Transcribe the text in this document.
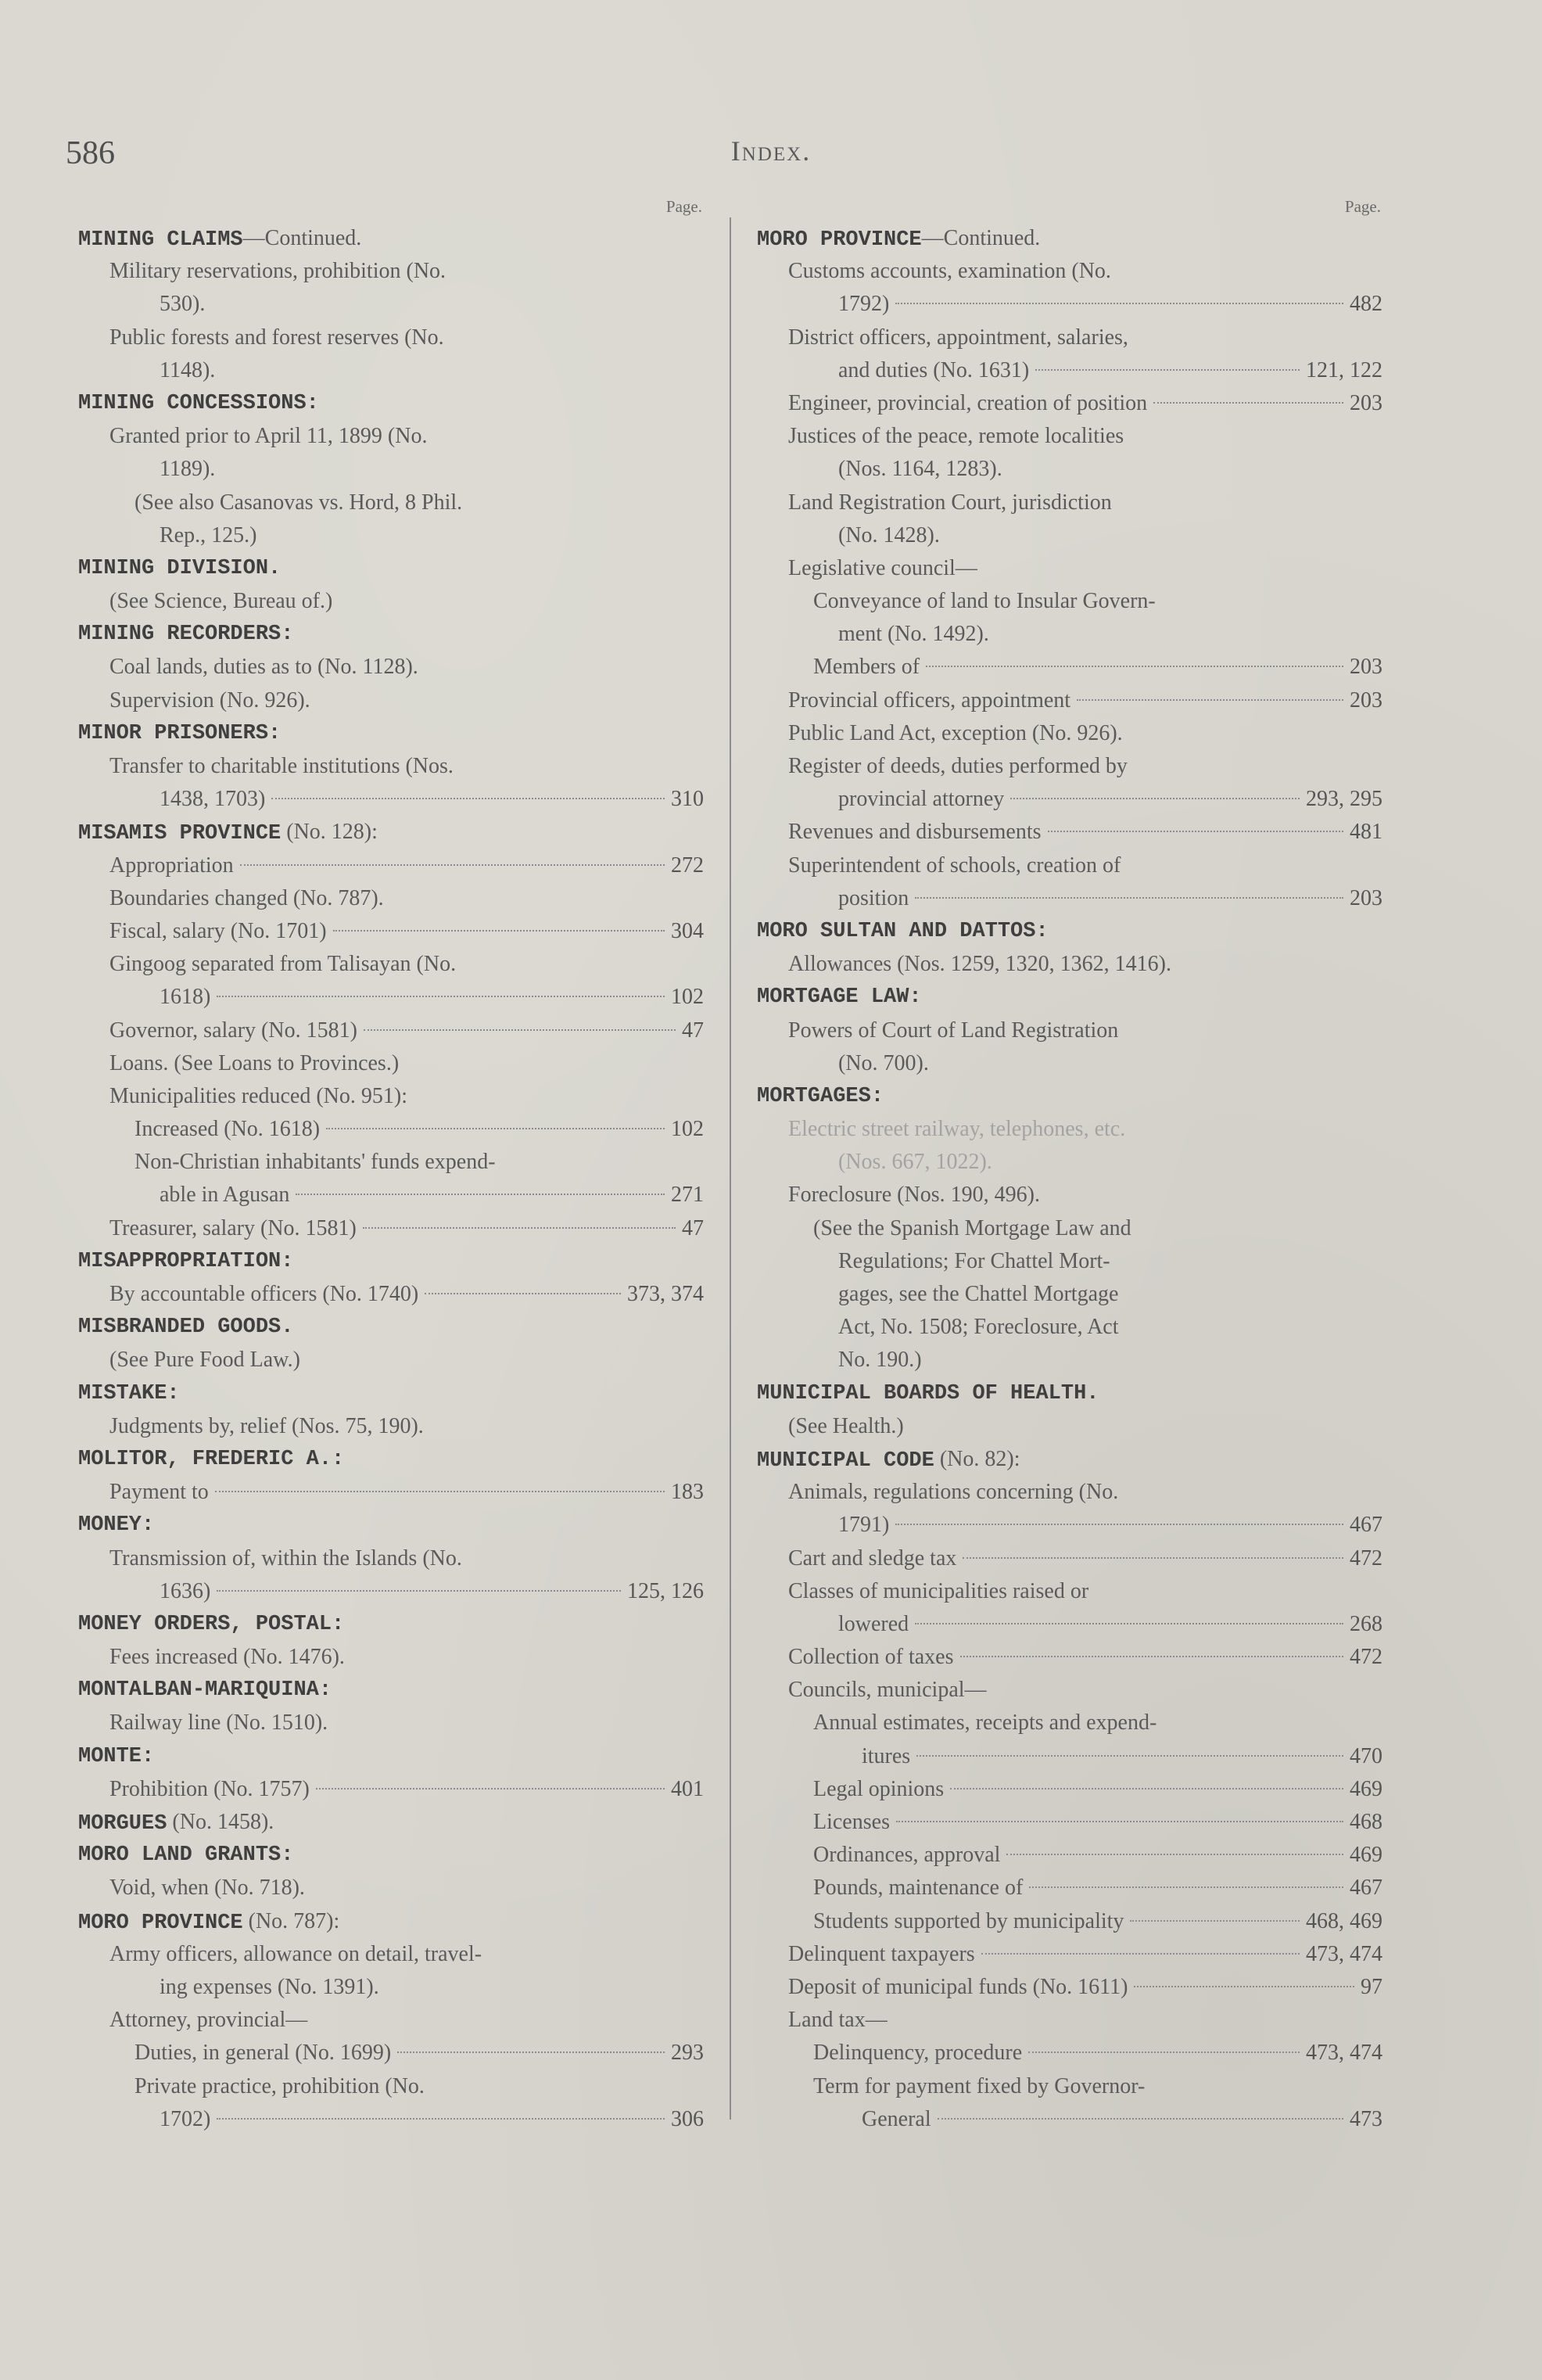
586	Index.
Page.
MINING CLAIMS—Continued.
Military reservations, prohibition (No.
530).
Public forests and forest reserves (No.
1148).
MINING CONCESSIONS:
Granted prior to April 11, 1899 (No.
1189).
(See also Casanovas vs. Hord, 8 Phil.
Rep., 125.)
MINING DIVISION.
(See Science, Bureau of.)
MINING RECORDERS:
Coal lands, duties as to (No. 1128).
Supervision (No. 926).
MINOR PRISONERS:
Transfer to charitable institutions (Nos.
1438, 1703)	310
MISAMIS PROVINCE (No. 128):
Appropriation	272
Boundaries changed (No. 787).
Fiscal, salary (No. 1701)	304
Gingoog separated from Talisayan (No.
1618)	102
Governor, salary (No. 1581)	47
Loans. (See Loans to Provinces.)
Municipalities reduced (No. 951):
Increased (No. 1618)	102
Non-Christian inhabitants' funds expend-
able in Agusan	271
Treasurer, salary (No. 1581)	47
MISAPPROPRIATION:
By accountable officers (No. 1740)	373, 374
MISBRANDED GOODS.
(See Pure Food Law.)
MISTAKE:
Judgments by, relief (Nos. 75, 190).
MOLITOR, FREDERIC A.:
Payment to	183
MONEY:
Transmission of, within the Islands (No.
1636)	125, 126
MONEY ORDERS, POSTAL:
Fees increased (No. 1476).
MONTALBAN-MARIQUINA:
Railway line (No. 1510).
MONTE:
Prohibition (No. 1757)	401
MORGUES (No. 1458).
MORO LAND GRANTS:
Void, when (No. 718).
MORO PROVINCE (No. 787):
Army officers, allowance on detail, travel-
ing expenses (No. 1391).
Attorney, provincial—
Duties, in general (No. 1699)	293
Private practice, prohibition (No.
1702)	306
Page.
MORO PROVINCE—Continued.
Customs accounts, examination (No.
1792)	482
District officers, appointment, salaries,
and duties (No. 1631)	121, 122
Engineer, provincial, creation of position	203
Justices of the peace, remote localities
(Nos. 1164, 1283).
Land Registration Court, jurisdiction
(No. 1428).
Legislative council—
Conveyance of land to Insular Govern-
ment (No. 1492).
Members of	203
Provincial officers, appointment	203
Public Land Act, exception (No. 926).
Register of deeds, duties performed by
provincial attorney	293, 295
Revenues and disbursements	481
Superintendent of schools, creation of
position	203
MORO SULTAN AND DATTOS:
Allowances (Nos. 1259, 1320, 1362, 1416).
MORTGAGE LAW:
Powers of Court of Land Registration
(No. 700).
MORTGAGES:
Electric street railway, telephones, etc.
(Nos. 667, 1022).
Foreclosure (Nos. 190, 496).
(See the Spanish Mortgage Law and
Regulations; For Chattel Mort-
gages, see the Chattel Mortgage
Act, No. 1508; Foreclosure, Act
No. 190.)
MUNICIPAL BOARDS OF HEALTH.
(See Health.)
MUNICIPAL CODE (No. 82):
Animals, regulations concerning (No.
1791)	467
Cart and sledge tax	472
Classes of municipalities raised or
lowered	268
Collection of taxes	472
Councils, municipal—
Annual estimates, receipts and expend-
itures	470
Legal opinions	469
Licenses	468
Ordinances, approval	469
Pounds, maintenance of	467
Students supported by municipality	468, 469
Delinquent taxpayers	473, 474
Deposit of municipal funds (No. 1611)	97
Land tax—
Delinquency, procedure	473, 474
Term for payment fixed by Governor-
General	473
